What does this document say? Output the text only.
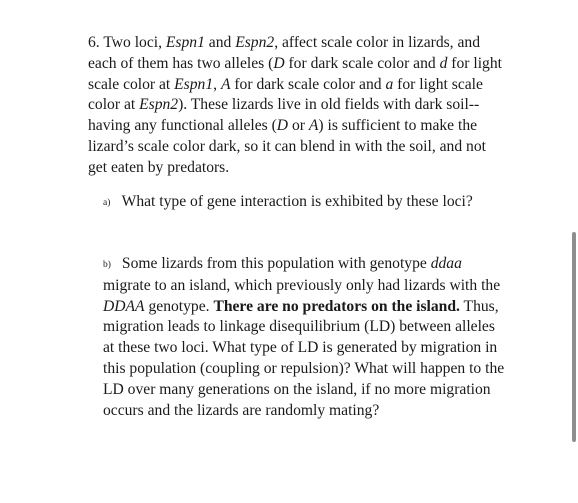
6. Two loci, Espn1 and Espn2, affect scale color in lizards, and each of them has two alleles (D for dark scale color and d for light scale color at Espn1, A for dark scale color and a for light scale color at Espn2). These lizards live in old fields with dark soil--having any functional alleles (D or A) is sufficient to make the lizard’s scale color dark, so it can blend in with the soil, and not get eaten by predators.

a) What type of gene interaction is exhibited by these loci?
b) Some lizards from this population with genotype ddaa migrate to an island, which previously only had lizards with the DDAA genotype. There are no predators on the island. Thus, migration leads to linkage disequilibrium (LD) between alleles at these two loci. What type of LD is generated by migration in this population (coupling or repulsion)? What will happen to the LD over many generations on the island, if no more migration occurs and the lizards are randomly mating?
